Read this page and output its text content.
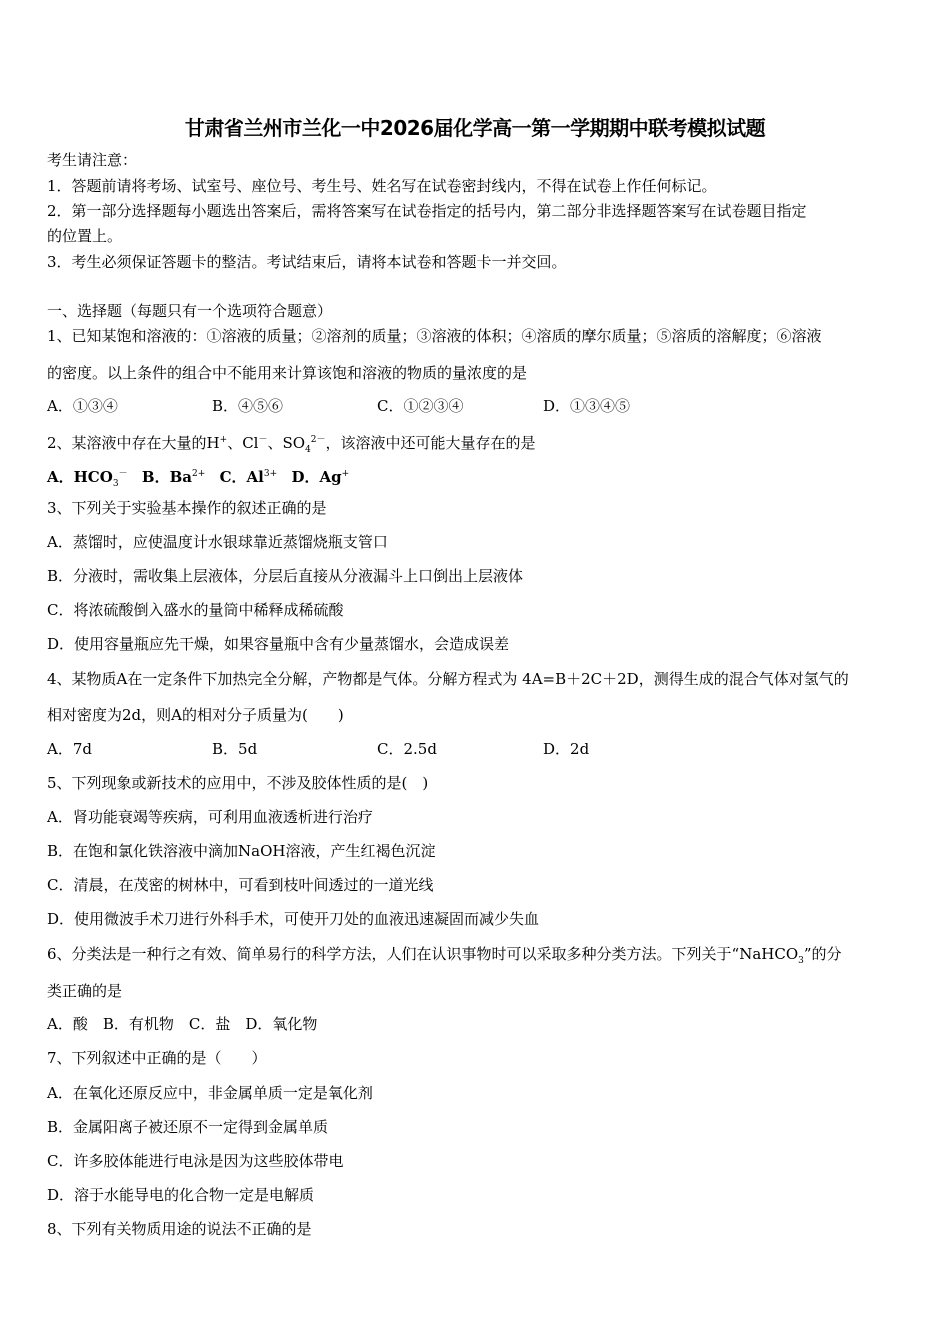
甘肃省兰州市兰化一中2026届化学高一第一学期期中联考模拟试题
考生请注意：
1．答题前请将考场、试室号、座位号、考生号、姓名写在试卷密封线内，不得在试卷上作任何标记。
2．第一部分选择题每小题选出答案后，需将答案写在试卷指定的括号内，第二部分非选择题答案写在试卷题目指定
的位置上。
3．考生必须保证答题卡的整洁。考试结束后，请将本试卷和答题卡一并交回。
一、选择题（每题只有一个选项符合题意）
1、已知某饱和溶液的：①溶液的质量；②溶剂的质量；③溶液的体积；④溶质的摩尔质量；⑤溶质的溶解度；⑥溶液
的密度。以上条件的组合中不能用来计算该饱和溶液的物质的量浓度的是
A．①③④	B．④⑤⑥	C．①②③④	D．①③④⑤
2、某溶液中存在大量的H+、Cl－、$SO_4^{2-}$，该溶液中还可能大量存在的是
A．$HCO_3^-$ B．$Ba^{2+}$ C．$Al^{3+}$ D．Ag+
3、下列关于实验基本操作的叙述正确的是
A．蒸馏时，应使温度计水银球靠近蒸馏烧瓶支管口
B．分液时，需收集上层液体，分层后直接从分液漏斗上口倒出上层液体
C．将浓硫酸倒入盛水的量筒中稀释成稀硫酸
D．使用容量瓶应先干燥，如果容量瓶中含有少量蒸馏水，会造成误差
4、某物质A在一定条件下加热完全分解，产物都是气体。分解方程式为 4A=B＋2C＋2D，测得生成的混合气体对氢气的
相对密度为2d，则A的相对分子质量为(　　)
A．7d	B．5d	C．2.5d	D．2d
5、下列现象或新技术的应用中，不涉及胶体性质的是(　)
A．肾功能衰竭等疾病，可利用血液透析进行治疗
B．在饱和氯化铁溶液中滴加NaOH溶液，产生红褐色沉淀
C．清晨，在茂密的树林中，可看到枝叶间透过的一道光线
D．使用微波手术刀进行外科手术，可使开刀处的血液迅速凝固而减少失血
6、分类法是一种行之有效、简单易行的科学方法，人们在认识事物时可以采取多种分类方法。下列关于“NaHCO$_3$”的分
类正确的是
A．酸　B．有机物　C．盐　D．氧化物
7、下列叙述中正确的是（　　）
A．在氧化还原反应中，非金属单质一定是氧化剂
B．金属阳离子被还原不一定得到金属单质
C．许多胶体能进行电泳是因为这些胶体带电
D．溶于水能导电的化合物一定是电解质
8、下列有关物质用途的说法不正确的是
